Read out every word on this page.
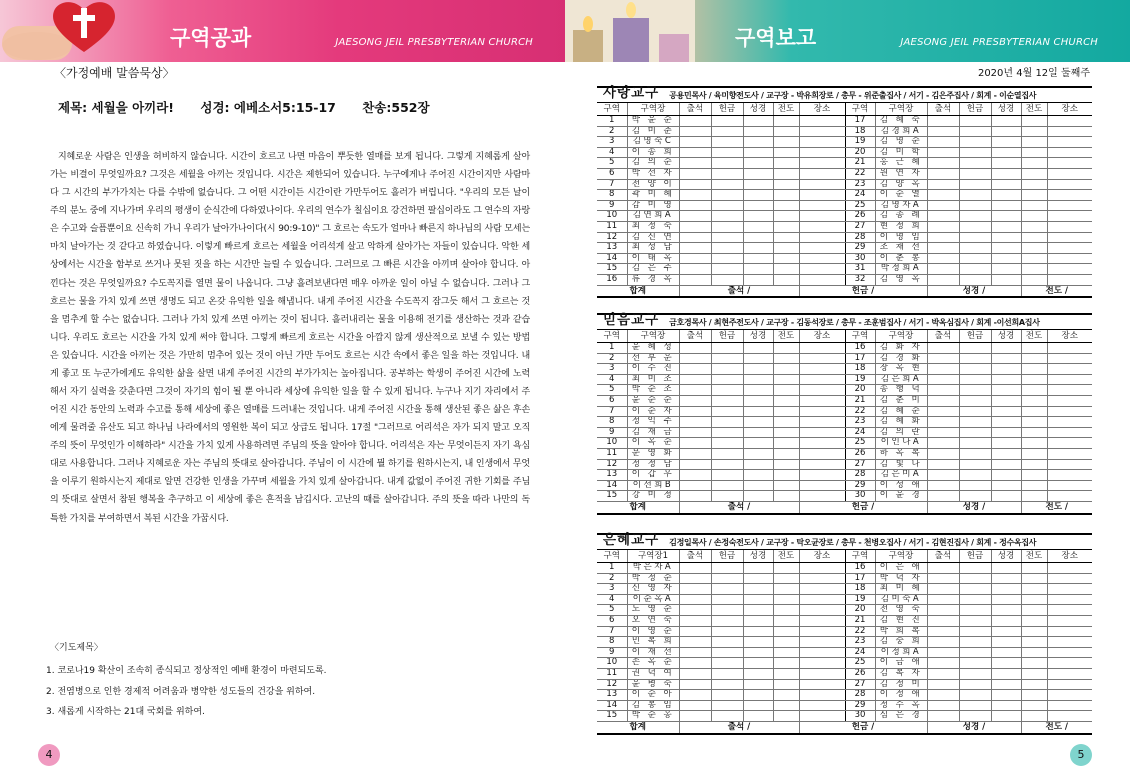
구역공과	JAESONG JEIL PRESBYTERIAN CHURCH
〈가정예배 말씀묵상〉
제목: 세월을 아끼라! 성경: 에베소서5:15-17 찬송:552장

지혜로운 사람은 인생을 허비하지 않습니다. 시간이 흐르고 나면 마음이 뿌듯한 열매를 보게 됩니다. 그렇게 지혜롭게 살아가는 비결이 무엇일까요? 그것은 세월을 아끼는 것입니다. 시간은 제한되어 있습니다. 누구에게나 주어진 시간이지만 사람마다 그 시간의 부가가치는 다를 수밖에 없습니다. 그 어떤 시간이든 시간이란 가만두어도 흘러가 버립니다. "우리의 모든 날이 주의 분노 중에 지나가며 우리의 평생이 순식간에 다하였나이다. 우리의 연수가 칠십이요 강건하면 팔십이라도 그 연수의 자랑은 수고와 슬픔뿐이요 신속히 가니 우리가 날아가나이다(시 90:9-10)" 그 흐르는 속도가 얼마나 빠른지 하나님의 사람 모세는 마치 날아가는 것 같다고 하였습니다. 이렇게 빠르게 흐르는 세월을 어리석게 살고 악하게 살아가는 자들이 있습니다. 악한 세상에서는 시간을 함부로 쓰거나 못된 짓을 하는 시간만 늘릴 수 있습니다. 그러므로 그 빠른 시간을 아끼며 살아야 합니다. 아낀다는 것은 무엇일까요? 수도꼭지를 열면 물이 나옵니다. 그냥 흘려보낸다면 매우 아까운 일이 아닐 수 없습니다. 그러나 그 흐르는 물을 가치 있게 쓰면 생명도 되고 온갖 유익한 일을 해냅니다. 내게 주어진 시간을 수도꼭지 잠그듯 해서 그 흐르는 것을 멈추게 할 수는 없습니다. 그러나 가치 있게 쓰면 아끼는 것이 됩니다. 흘러내리는 물을 이용해 전기를 생산하는 것과 같습니다. 우리도 흐르는 시간을 가치 있게 써야 합니다. 그렇게 빠르게 흐르는 시간을 아깝지 않게 생산적으로 보낼 수 있는 방법은 있습니다. 시간을 아끼는 것은 가만히 멈추어 있는 것이 아닌 가만 두어도 흐르는 시간 속에서 좋은 일을 하는 것입니다. 내게 좋고 또 누군가에게도 유익한 삶을 살면 내게 주어진 시간의 부가가치는 높아집니다. 공부하는 학생이 주어진 시간에 노력해서 자기 실력을 갖춘다면 그것이 자기의 힘이 될 뿐 아니라 세상에 유익한 일을 할 수 있게 됩니다. 누구나 지기 자리에서 주어진 시간 동안의 노력과 수고를 통해 세상에 좋은 열매를 드러내는 것입니다. 내게 주어진 시간을 통해 생산된 좋은 삶은 후손에게 물려줄 유산도 되고 하나님 나라에서의 영원한 복이 되고 상급도 됩니다. 17절 "그러므로 어리석은 자가 되지 말고 오직 주의 뜻이 무엇인가 이해하라" 시간을 가치 있게 사용하려면 주님의 뜻을 알아야 합니다. 어리석은 자는 무엇이든지 자기 욕심대로 사용합니다. 그러나 지혜로운 자는 주님의 뜻대로 살아갑니다. 주님이 이 시간에 뭘 하기를 원하시는지, 내 인생에서 무엇을 이루기 원하시는지 제대로 알면 건강한 인생을 가꾸며 세월을 가치 있게 살아갑니다. 내게 값없이 주어진 귀한 기회를 주님의 뜻대로 살면서 참된 행복을 추구하고 이 세상에 좋은 흔적을 남깁시다. 고난의 때를 살아갑니다. 주의 뜻을 따라 나만의 독특한 가치를 부여하면서 복된 시간을 가꿉시다.

〈기도제목〉
1. 코로나19 확산이 조속히 종식되고 정상적인 예배 환경이 마련되도록.
2. 전염병으로 인한 경제적 어려움과 병약한 성도들의 건강을 위하여.
3. 새롭게 시작하는 21대 국회를 위하여.
4
구역보고	JAESONG JEIL PRESBYTERIAN CHURCH
2020년 4월 12일 둘째주
사랑교구 공용민목사 / 육미향전도사 / 교구장 - 박유희장로 / 총무 - 위준출집사 / 서기 - 김은주집사 / 회계 - 이순열집사
구역	구역장	출석	헌금	성경	전도	장소	구역	구역장	출석	헌금	성경	전도	장소
1	박 윤 순						17	김 혜 숙					
2	김 미 준						18	김경희A					
3	김명숙C						19	김 명 순					
4	이 송 희						20	김 미 학					
5	김 의 순						21	홍 근 혜					
6	박 선 자						22	원 연 자					
7	전 양 이						23	김 양 옥					
8	곽 미 혜						24	이 순 열					
9	감 미 영						25	김명자A					
10	김연희A						26	김 종 례					
11	최 정 숙						27	현 정 희					
12	김 신 연						28	이 명 임					
13	최 성 남						29	조 채 선					
14	이 태 옥						30	이 춘 봉					
15	김 은 주						31	박정희A					
16	류 경 옥						32	김 영 옥					
합계		출석 /				헌금 /			성경 /			전도 /	
믿음교구 금호경목사 / 최현주전도사 / 교구장 - 김동석장로 / 총무 - 조훈범집사 / 서기 - 박옥심집사 / 회계 -이선희A집사
구역	구역장	출석	헌금	성경	전도	장소	구역	구역장	출석	헌금	성경	전도	장소
1	윤 혜 성						16	김 화 자					
2	선 부 운						17	김 경 화					
3	이 수 진						18	장 옥 현					
4	최 미 조						19	김은희A					
5	박 순 조						20	송 행 덕					
6	윤 순 순						21	김 춘 미					
7	이 순 자						22	김 혜 순					
8	정 익 주						23	김 혜 화					
9	김 재 금						24	김 의 란					
10	이 옥 순						25	이인나A					
11	문 영 화						26	하 옥 복					
12	정 정 남						27	김 빛 나					
13	이 갑 우						28	김은미A					
14	이선희B						29	이 성 애					
15	강 미 정						30	이 윤 경					
합계		출석 /				헌금 /			성경 /			전도 /	
은혜교구 김정일목사 / 손정숙전도사 / 교구장 - 탁오균장로 / 총무 - 천병오집사 / 서기 - 김현진집사 / 회계 - 정수옥집사
구역	구역장1	출석	헌금	성경	전도	장소	구역	구역장	출석	헌금	성경	전도	장소
1	박은자A						16	이 은 애					
2	박 정 순						17	박 덕 자					
3	신 영 자						18	최 미 혜					
4	이순옥A						19	김미숙A					
5	노 영 순						20	전 영 숙					
6	오 연 숙						21	김 현 진					
7	이 영 순						22	박 희 복					
8	민 복 희						23	김 숭 희					
9	이 재 선						24	이정희A					
10	손 옥 순						25	이 금 애					
11	권 덕 여						26	김 복 자					
12	윤 병 숙						27	김 정 미					
13	이 순 아						28	이 정 애					
14	김 봉 임						29	정 수 옥					
15	박 순 옹						30	심 은 경					
합계		출석 /				헌금 /			성경 /			전도 /	
5
